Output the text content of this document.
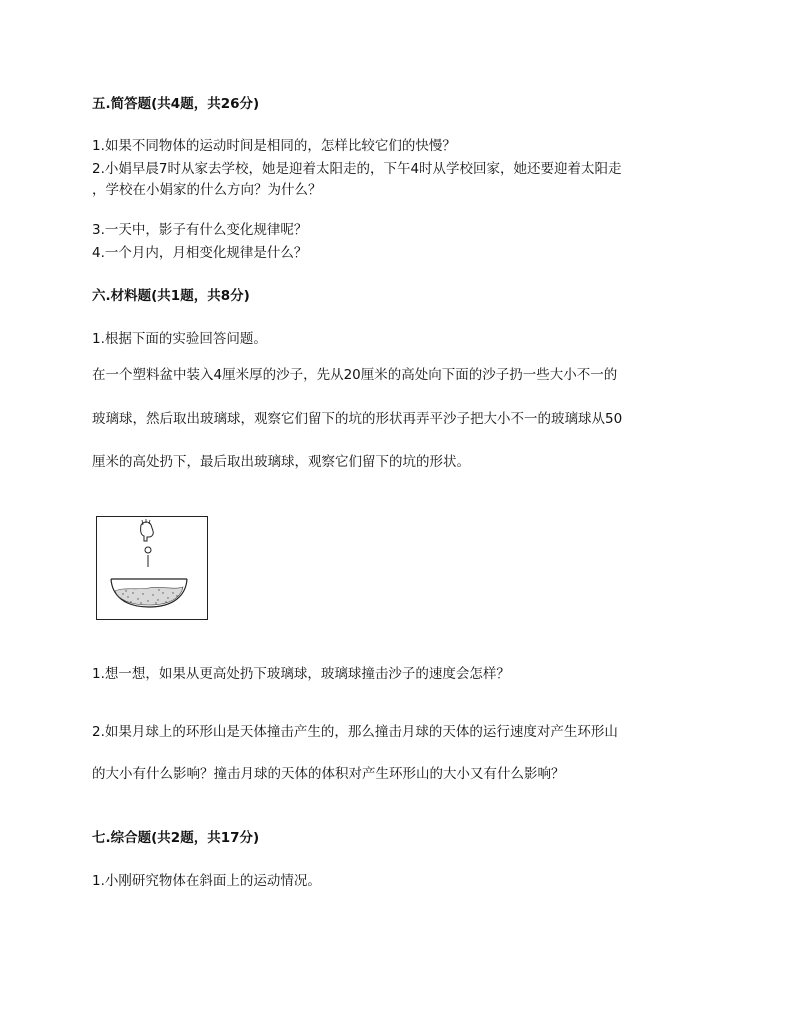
五.简答题(共4题，共26分)
1.如果不同物体的运动时间是相同的，怎样比较它们的快慢？
2.小娟早晨7时从家去学校，她是迎着太阳走的，下午4时从学校回家，她还要迎着太阳走
，学校在小娟家的什么方向？为什么？
3.一天中，影子有什么变化规律呢？
4.一个月内，月相变化规律是什么？
六.材料题(共1题，共8分)
1.根据下面的实验回答问题。
在一个塑料盆中装入4厘米厚的沙子，先从20厘米的高处向下面的沙子扔一些大小不一的
玻璃球，然后取出玻璃球，观察它们留下的坑的形状再弄平沙子把大小不一的玻璃球从50
厘米的高处扔下，最后取出玻璃球，观察它们留下的坑的形状。
1.想一想，如果从更高处扔下玻璃球，玻璃球撞击沙子的速度会怎样？
2.如果月球上的环形山是天体撞击产生的，那么撞击月球的天体的运行速度对产生环形山
的大小有什么影响？撞击月球的天体的体积对产生环形山的大小又有什么影响？
七.综合题(共2题，共17分)
1.小刚研究物体在斜面上的运动情况。
